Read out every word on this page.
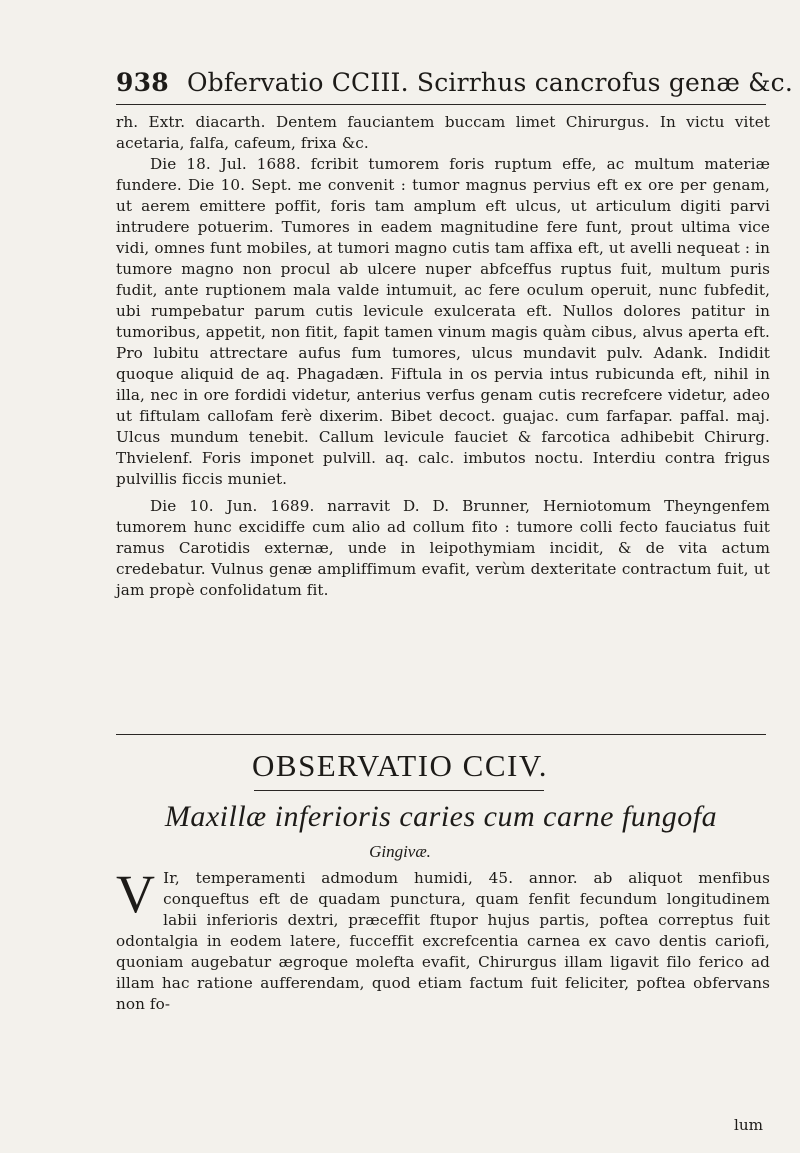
938 Obfervatio CCIII. Scirrhus cancrofus genæ &c.

rh. Extr. diacarth. Dentem fauciantem buccam limet Chirurgus. In victu vitet acetaria, falfa, cafeum, frixa &c.

Die 18. Jul. 1688. fcribit tumorem foris ruptum effe, ac multum materiæ fundere. Die 10. Sept. me convenit : tumor magnus pervius eft ex ore per genam, ut aerem emittere poffit, foris tam amplum eft ulcus, ut articulum digiti parvi intrudere potuerim. Tumores in eadem magnitudine fere funt, prout ultima vice vidi, omnes funt mobiles, at tumori magno cutis tam affixa eft, ut avelli nequeat : in tumore magno non procul ab ulcere nuper abfceffus ruptus fuit, multum puris fudit, ante ruptionem mala valde intumuit, ac fere oculum operuit, nunc fubfedit, ubi rumpebatur parum cutis levicule exulcerata eft. Nullos dolores patitur in tumoribus, appetit, non fitit, fapit tamen vinum magis quàm cibus, alvus aperta eft. Pro lubitu attrectare aufus fum tumores, ulcus mundavit pulv. Adank. Indidit quoque aliquid de aq. Phagadæn. Fiftula in os pervia intus rubicunda eft, nihil in illa, nec in ore fordidi videtur, anterius verfus genam cutis recrefcere videtur, adeo ut fiftulam callofam ferè dixerim. Bibet decoct. guajac. cum farfapar. paffal. maj. Ulcus mundum tenebit. Callum levicule fauciet & farcotica adhibebit Chirurg. Thvielenf. Foris imponet pulvill. aq. calc. imbutos noctu. Interdiu contra frigus pulvillis ficcis muniet.

Die 10. Jun. 1689. narravit D. D. Brunner, Herniotomum Theyngenfem tumorem hunc excidiffe cum alio ad collum fito : tumore colli fecto fauciatus fuit ramus Carotidis externæ, unde in leipothymiam incidit, & de vita actum credebatur. Vulnus genæ ampliffimum evafit, verùm dexteritate contractum fuit, ut jam propè confolidatum fit.

OBSERVATIO CCIV.
Maxillæ inferioris caries cum carne fungofa
Gingivæ.

V Ir, temperamenti admodum humidi, 45. annor. ab aliquot menfibus conqueftus eft de quadam punctura, quam fenfit fecundum longitudinem labii inferioris dextri, præceffit ftupor hujus partis, poftea correptus fuit odontalgia in eodem latere, fucceffit excrefcentia carnea ex cavo dentis cariofi, quoniam augebatur ægroque molefta evafit, Chirurgus illam ligavit filo ferico ad illam hac ratione aufferendam, quod etiam factum fuit feliciter, poftea obfervans non fo-

lum
